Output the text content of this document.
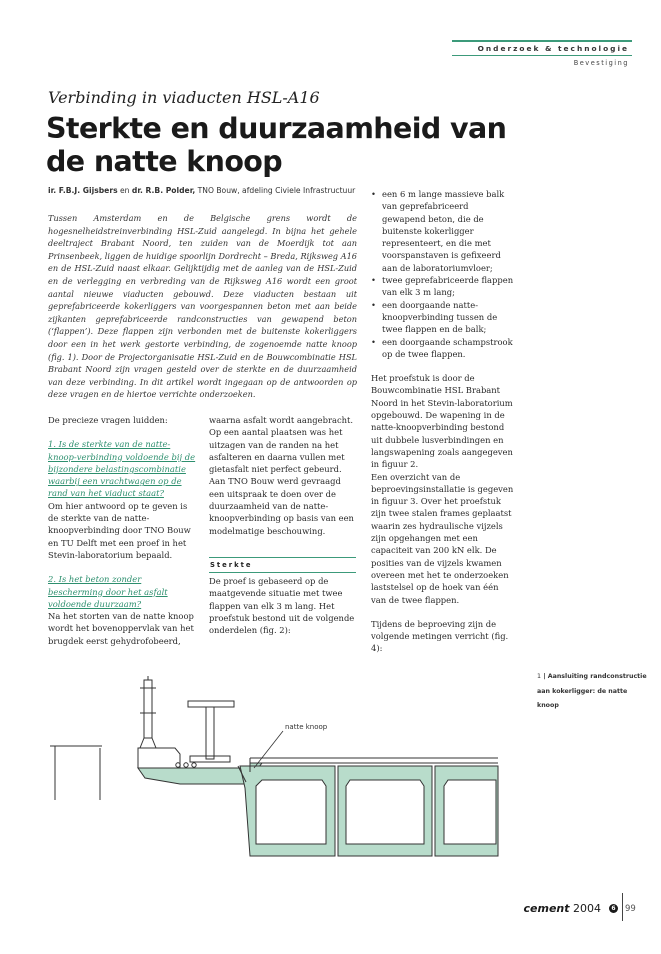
Onderzoek & technologie
Bevestiging
Verbinding in viaducten HSL-A16
Sterkte en duurzaamheid van de natte knoop
ir. F.B.J. Gijsbers en dr. R.B. Polder, TNO Bouw, afdeling Civiele Infrastructuur
Tussen Amsterdam en de Belgische grens wordt de hogesnelheidstreinverbinding HSL-Zuid aangelegd. In bijna het gehele deeltraject Brabant Noord, ten zuiden van de Moerdijk tot aan Prinsenbeek, liggen de huidige spoorlijn Dordrecht – Breda, Rijksweg A16 en de HSL-Zuid naast elkaar. Gelijktijdig met de aanleg van de HSL-Zuid en de verlegging en verbreding van de Rijksweg A16 wordt een groot aantal nieuwe viaducten gebouwd. Deze viaducten bestaan uit geprefabriceerde kokerliggers van voorgespannen beton met aan beide zijkanten geprefabriceerde randconstructies van gewapend beton (‘flappen’). Deze flappen zijn verbonden met de buitenste kokerliggers door een in het werk gestorte verbinding, de zogenoemde natte knoop (fig. 1). Door de Projectorganisatie HSL-Zuid en de Bouwcombinatie HSL Brabant Noord zijn vragen gesteld over de sterkte en de duurzaamheid van deze verbinding. In dit artikel wordt ingegaan op de antwoorden op deze vragen en de hiertoe verrichte onderzoeken.

De precieze vragen luidden:

1. Is de sterkte van de natte-knoop-verbinding voldoende bij de bijzondere belastingscombinatie waarbij een vrachtwagen op de rand van het viaduct staat?

Om hier antwoord op te geven is de sterkte van de natte-knoopverbinding door TNO Bouw en TU Delft met een proef in het Stevin-laboratorium bepaald.

2. Is het beton zonder bescherming door het asfalt voldoende duurzaam?

Na het storten van de natte knoop wordt het bovenoppervlak van het brugdek eerst gehydrofobeerd,

waarna asfalt wordt aangebracht. Op een aantal plaatsen was het uitzagen van de randen na het asfalteren en daarna vullen met gietasfalt niet perfect gebeurd. Aan TNO Bouw werd gevraagd een uitspraak te doen over de duurzaamheid van de natte-knoopverbinding op basis van een modelmatige beschouwing.

Sterkte

De proef is gebaseerd op de maatgevende situatie met twee flappen van elk 3 m lang. Het proefstuk bestond uit de volgende onderdelen (fig. 2):

• een 6 m lange massieve balk van geprefabriceerd gewapend beton, die de buitenste kokerligger representeert, en die met voorspanstaven is gefixeerd aan de laboratoriumvloer;
• twee geprefabriceerde flappen van elk 3 m lang;
• een doorgaande natte-knoopverbinding tussen de twee flappen en de balk;
• een doorgaande schampstrook op de twee flappen.

Het proefstuk is door de Bouwcombinatie HSL Brabant Noord in het Stevin-laboratorium opgebouwd. De wapening in de natte-knoopverbinding bestond uit dubbele lusverbindingen en langswapening zoals aangegeven in figuur 2.

Een overzicht van de beproevingsinstallatie is gegeven in figuur 3. Over het proefstuk zijn twee stalen frames geplaatst waarin zes hydraulische vijzels zijn opgehangen met een capaciteit van 200 kN elk. De posities van de vijzels kwamen overeen met het te onderzoeken laststelsel op de hoek van één van de twee flappen.

Tijdens de beproeving zijn de volgende metingen verricht (fig. 4):

natte knoop
1 | Aansluiting randconstructie aan kokerligger: de natte knoop
cement 2004	6 99
